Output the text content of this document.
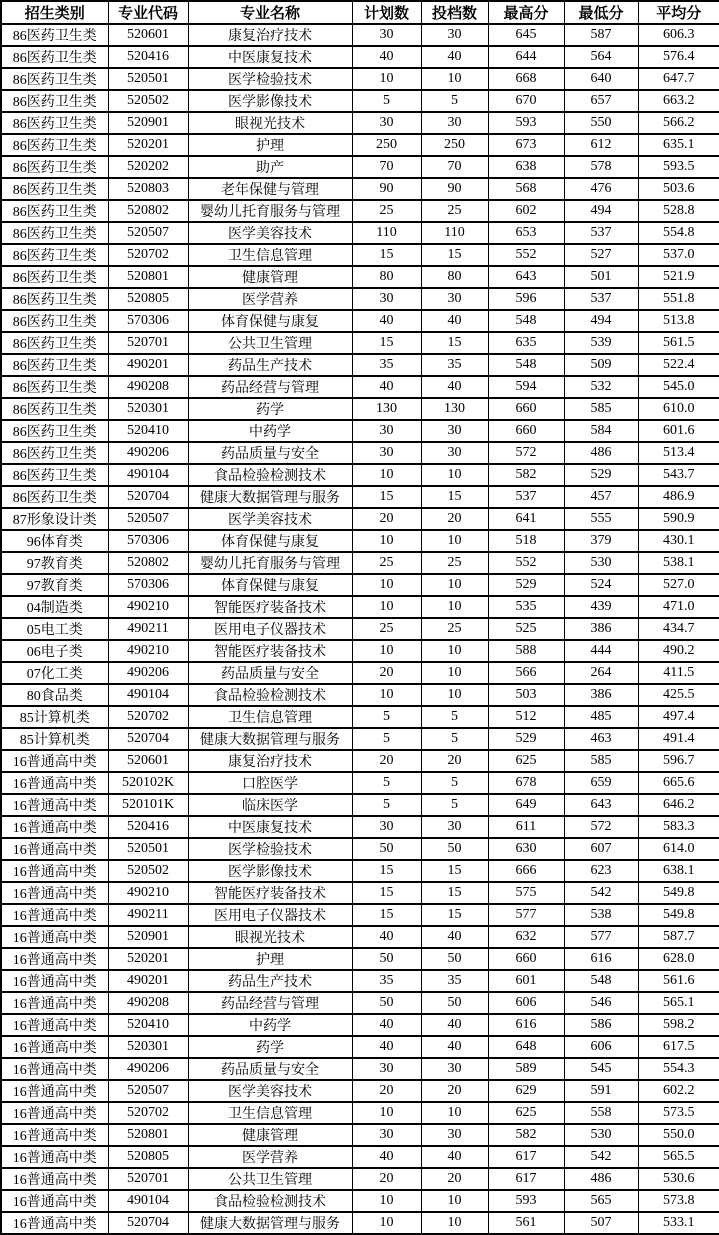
招生类别	专业代码	专业名称	计划数	投档数	最高分	最低分	平均分
86医药卫生类	520601	康复治疗技术	30	30	645	587	606.3
86医药卫生类	520416	中医康复技术	40	40	644	564	576.4
86医药卫生类	520501	医学检验技术	10	10	668	640	647.7
86医药卫生类	520502	医学影像技术	5	5	670	657	663.2
86医药卫生类	520901	眼视光技术	30	30	593	550	566.2
86医药卫生类	520201	护理	250	250	673	612	635.1
86医药卫生类	520202	助产	70	70	638	578	593.5
86医药卫生类	520803	老年保健与管理	90	90	568	476	503.6
86医药卫生类	520802	婴幼儿托育服务与管理	25	25	602	494	528.8
86医药卫生类	520507	医学美容技术	110	110	653	537	554.8
86医药卫生类	520702	卫生信息管理	15	15	552	527	537.0
86医药卫生类	520801	健康管理	80	80	643	501	521.9
86医药卫生类	520805	医学营养	30	30	596	537	551.8
86医药卫生类	570306	体育保健与康复	40	40	548	494	513.8
86医药卫生类	520701	公共卫生管理	15	15	635	539	561.5
86医药卫生类	490201	药品生产技术	35	35	548	509	522.4
86医药卫生类	490208	药品经营与管理	40	40	594	532	545.0
86医药卫生类	520301	药学	130	130	660	585	610.0
86医药卫生类	520410	中药学	30	30	660	584	601.6
86医药卫生类	490206	药品质量与安全	30	30	572	486	513.4
86医药卫生类	490104	食品检验检测技术	10	10	582	529	543.7
86医药卫生类	520704	健康大数据管理与服务	15	15	537	457	486.9
87形象设计类	520507	医学美容技术	20	20	641	555	590.9
96体育类	570306	体育保健与康复	10	10	518	379	430.1
97教育类	520802	婴幼儿托育服务与管理	25	25	552	530	538.1
97教育类	570306	体育保健与康复	10	10	529	524	527.0
04制造类	490210	智能医疗装备技术	10	10	535	439	471.0
05电工类	490211	医用电子仪器技术	25	25	525	386	434.7
06电子类	490210	智能医疗装备技术	10	10	588	444	490.2
07化工类	490206	药品质量与安全	20	10	566	264	411.5
80食品类	490104	食品检验检测技术	10	10	503	386	425.5
85计算机类	520702	卫生信息管理	5	5	512	485	497.4
85计算机类	520704	健康大数据管理与服务	5	5	529	463	491.4
16普通高中类	520601	康复治疗技术	20	20	625	585	596.7
16普通高中类	520102K	口腔医学	5	5	678	659	665.6
16普通高中类	520101K	临床医学	5	5	649	643	646.2
16普通高中类	520416	中医康复技术	30	30	611	572	583.3
16普通高中类	520501	医学检验技术	50	50	630	607	614.0
16普通高中类	520502	医学影像技术	15	15	666	623	638.1
16普通高中类	490210	智能医疗装备技术	15	15	575	542	549.8
16普通高中类	490211	医用电子仪器技术	15	15	577	538	549.8
16普通高中类	520901	眼视光技术	40	40	632	577	587.7
16普通高中类	520201	护理	50	50	660	616	628.0
16普通高中类	490201	药品生产技术	35	35	601	548	561.6
16普通高中类	490208	药品经营与管理	50	50	606	546	565.1
16普通高中类	520410	中药学	40	40	616	586	598.2
16普通高中类	520301	药学	40	40	648	606	617.5
16普通高中类	490206	药品质量与安全	30	30	589	545	554.3
16普通高中类	520507	医学美容技术	20	20	629	591	602.2
16普通高中类	520702	卫生信息管理	10	10	625	558	573.5
16普通高中类	520801	健康管理	30	30	582	530	550.0
16普通高中类	520805	医学营养	40	40	617	542	565.5
16普通高中类	520701	公共卫生管理	20	20	617	486	530.6
16普通高中类	490104	食品检验检测技术	10	10	593	565	573.8
16普通高中类	520704	健康大数据管理与服务	10	10	561	507	533.1
